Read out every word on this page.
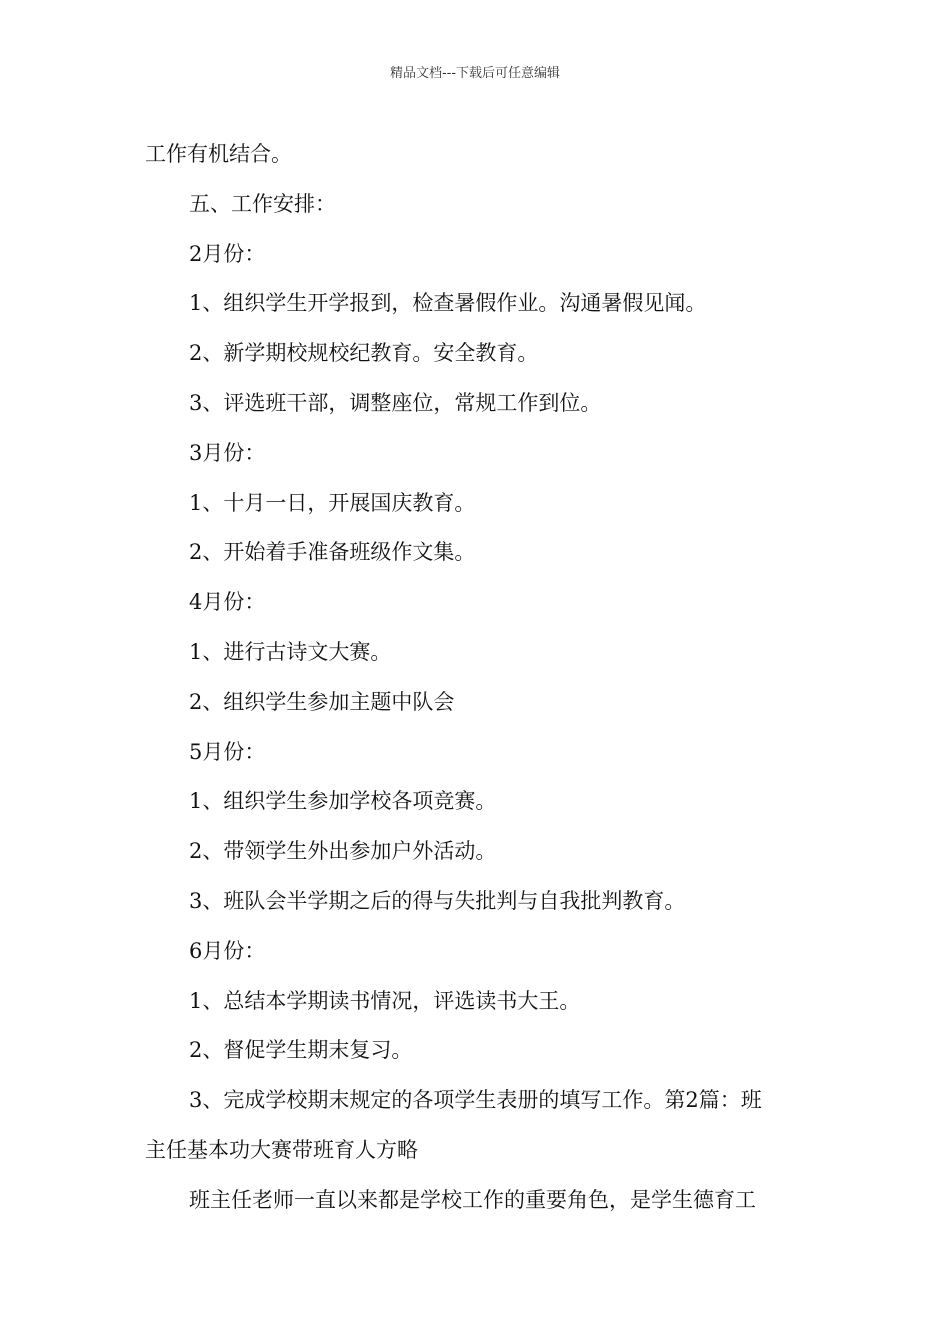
精品文档---下载后可任意编辑
工作有机结合。
五、工作安排：
2月份：
1、组织学生开学报到，检查暑假作业。沟通暑假见闻。
2、新学期校规校纪教育。安全教育。
3、评选班干部，调整座位，常规工作到位。
3月份：
1、十月一日，开展国庆教育。
2、开始着手准备班级作文集。
4月份：
1、进行古诗文大赛。
2、组织学生参加主题中队会
5月份：
1、组织学生参加学校各项竞赛。
2、带领学生外出参加户外活动。
3、班队会半学期之后的得与失批判与自我批判教育。
6月份：
1、总结本学期读书情况，评选读书大王。
2、督促学生期末复习。
3、完成学校期末规定的各项学生表册的填写工作。第2篇：班
主任基本功大赛带班育人方略
班主任老师一直以来都是学校工作的重要角色，是学生德育工
